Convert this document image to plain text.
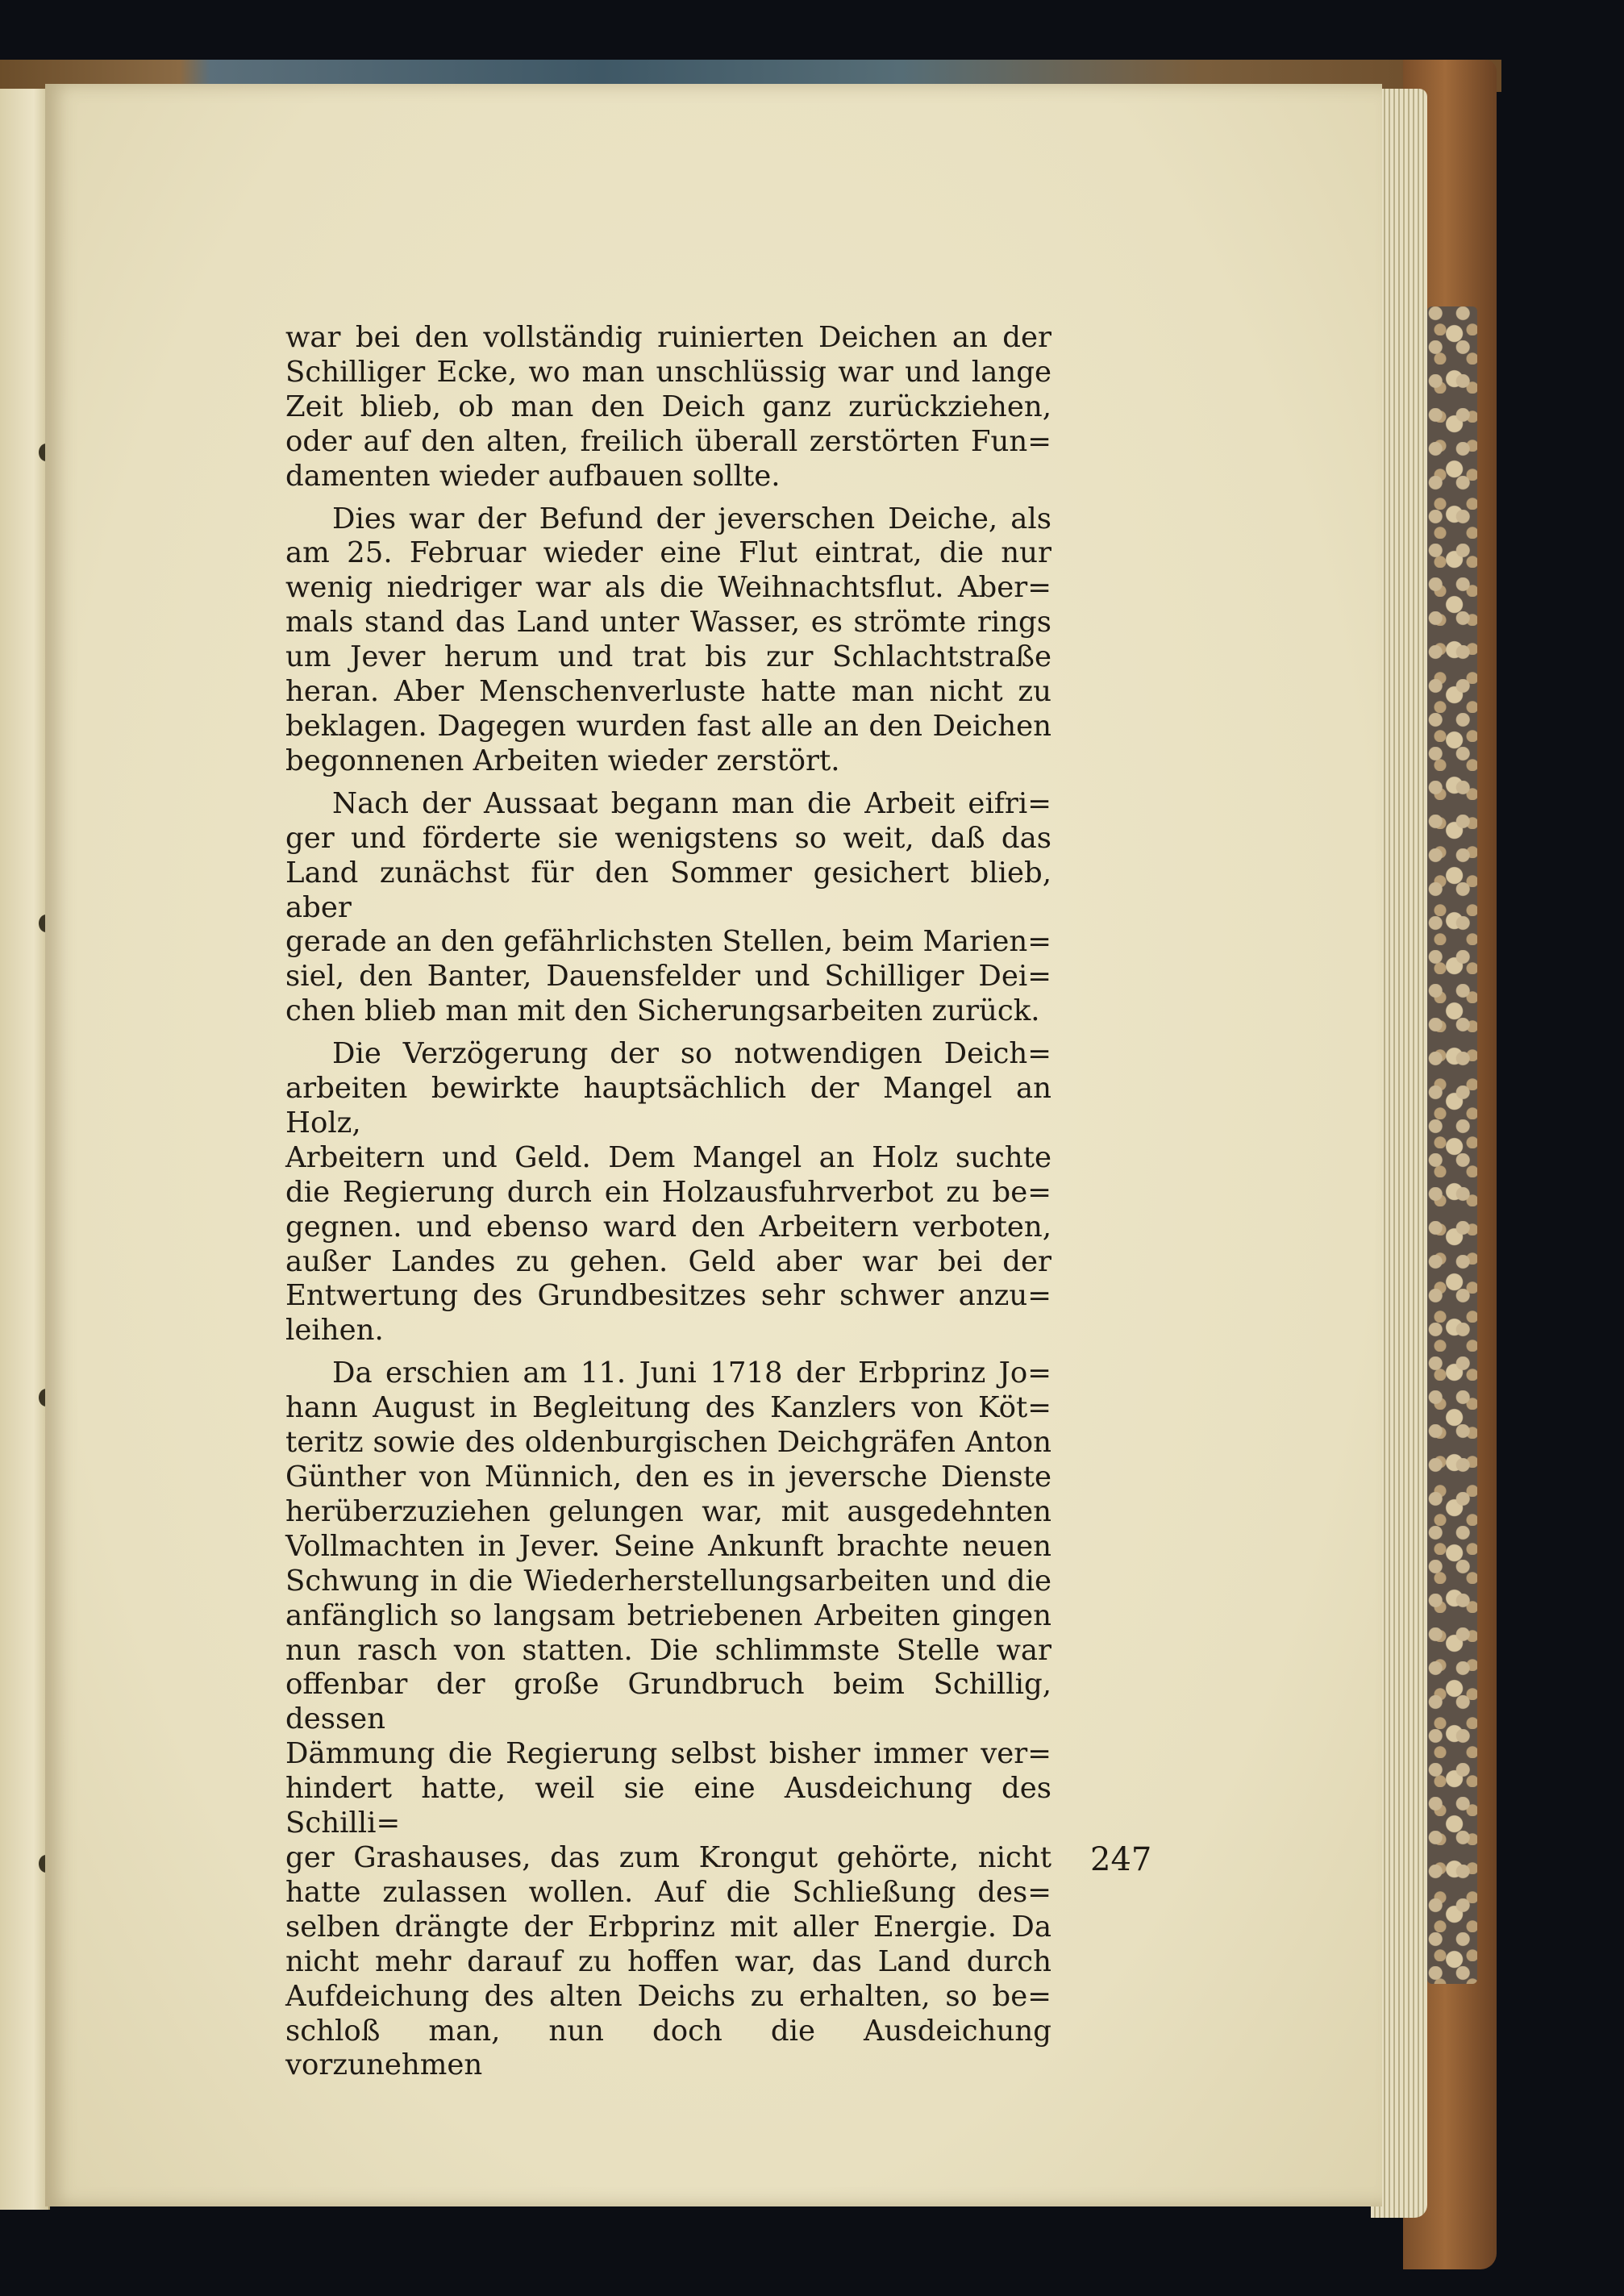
war bei den vollständig ruinierten Deichen an der

Schilliger Ecke, wo man unschlüssig war und lange

Zeit blieb, ob man den Deich ganz zurückziehen,

oder auf den alten, freilich überall zerstörten Fun=

damenten wieder aufbauen sollte.

Dies war der Befund der jeverschen Deiche, als

am 25. Februar wieder eine Flut eintrat, die nur

wenig niedriger war als die Weihnachtsflut. Aber=

mals stand das Land unter Wasser, es strömte rings

um Jever herum und trat bis zur Schlachtstraße

heran. Aber Menschenverluste hatte man nicht zu

beklagen. Dagegen wurden fast alle an den Deichen

begonnenen Arbeiten wieder zerstört.

Nach der Aussaat begann man die Arbeit eifri=

ger und förderte sie wenigstens so weit, daß das

Land zunächst für den Sommer gesichert blieb, aber

gerade an den gefährlichsten Stellen, beim Marien=

siel, den Banter, Dauensfelder und Schilliger Dei=

chen blieb man mit den Sicherungsarbeiten zurück.

Die Verzögerung der so notwendigen Deich=

arbeiten bewirkte hauptsächlich der Mangel an Holz,

Arbeitern und Geld. Dem Mangel an Holz suchte

die Regierung durch ein Holzausfuhrverbot zu be=

gegnen. und ebenso ward den Arbeitern verboten,

außer Landes zu gehen. Geld aber war bei der

Entwertung des Grundbesitzes sehr schwer anzu=

leihen.

Da erschien am 11. Juni 1718 der Erbprinz Jo=

hann August in Begleitung des Kanzlers von Köt=

teritz sowie des oldenburgischen Deichgräfen Anton

Günther von Münnich, den es in jeversche Dienste

herüberzuziehen gelungen war, mit ausgedehnten

Vollmachten in Jever. Seine Ankunft brachte neuen

Schwung in die Wiederherstellungsarbeiten und die

anfänglich so langsam betriebenen Arbeiten gingen

nun rasch von statten. Die schlimmste Stelle war

offenbar der große Grundbruch beim Schillig, dessen

Dämmung die Regierung selbst bisher immer ver=

hindert hatte, weil sie eine Ausdeichung des Schilli=

ger Grashauses, das zum Krongut gehörte, nicht

hatte zulassen wollen. Auf die Schließung des=

selben drängte der Erbprinz mit aller Energie. Da

nicht mehr darauf zu hoffen war, das Land durch

Aufdeichung des alten Deichs zu erhalten, so be=

schloß man, nun doch die Ausdeichung vorzunehmen

247
